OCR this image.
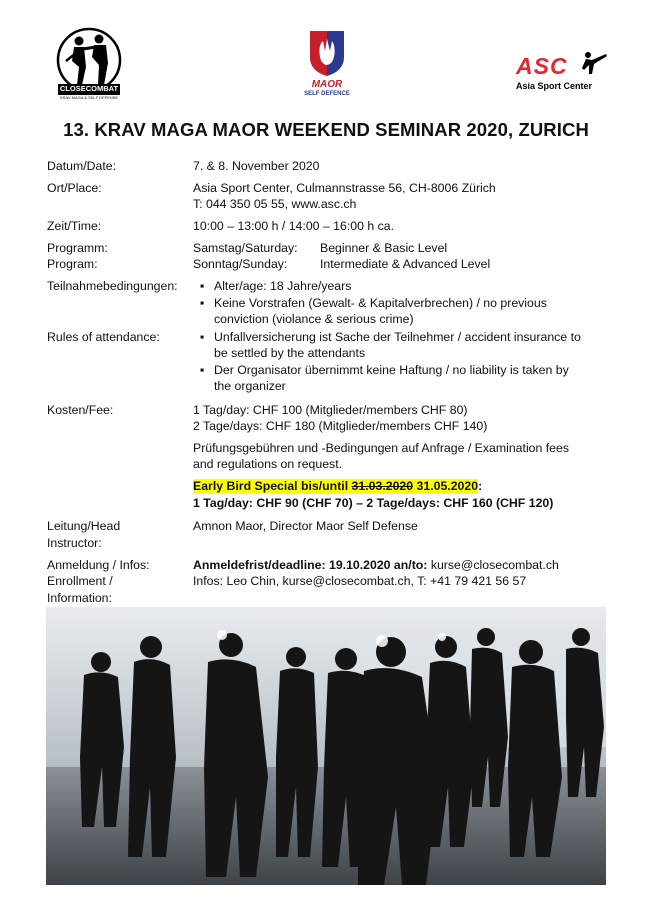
CLOSECOMBAT
KRAV MAGA & SELF DEFENSE
MAOR
SELF DEFENCE
ASC
Asia Sport Center
13. KRAV MAGA MAOR WEEKEND SEMINAR 2020, ZURICH
Datum/Date:	7. & 8. November 2020
Ort/Place:	Asia Sport Center, Culmannstrasse 56, CH-8006 Zürich
T: 044 350 05 55, www.asc.ch
Zeit/Time:	10:00 – 13:00 h / 14:00 – 16:00 h ca.
Programm:	Samstag/Saturday: Beginner & Basic Level
Program:	Sonntag/Sunday:	Intermediate & Advanced Level
Teilnahmebedingungen:
Rules of attendance:
▪ Alter/age: 18 Jahre/years
▪ Keine Vorstrafen (Gewalt- & Kapitalverbrechen) / no previous
conviction (violance & serious crime)
▪ Unfallversicherung ist Sache der Teilnehmer / accident insurance to
be settled by the attendants
▪ Der Organisator übernimmt keine Haftung / no liability is taken by
the organizer
Kosten/Fee:	1 Tag/day: CHF 100 (Mitglieder/members CHF 80)
2 Tage/days: CHF 180 (Mitglieder/members CHF 140)
Prüfungsgebühren und -Bedingungen auf Anfrage / Examination fees
and regulations on request.
Early Bird Special bis/until 31.03.2020 31.05.2020:
1 Tag/day: CHF 90 (CHF 70) – 2 Tage/days: CHF 160 (CHF 120)
Leitung/Head
Instructor:
Amnon Maor, Director Maor Self Defense
Anmeldung / Infos:
Enrollment /
Information:
Anmeldefrist/deadline: 19.10.2020 an/to: kurse@closecombat.ch
Infos: Leo Chin, kurse@closecombat.ch, T: +41 79 421 56 57
